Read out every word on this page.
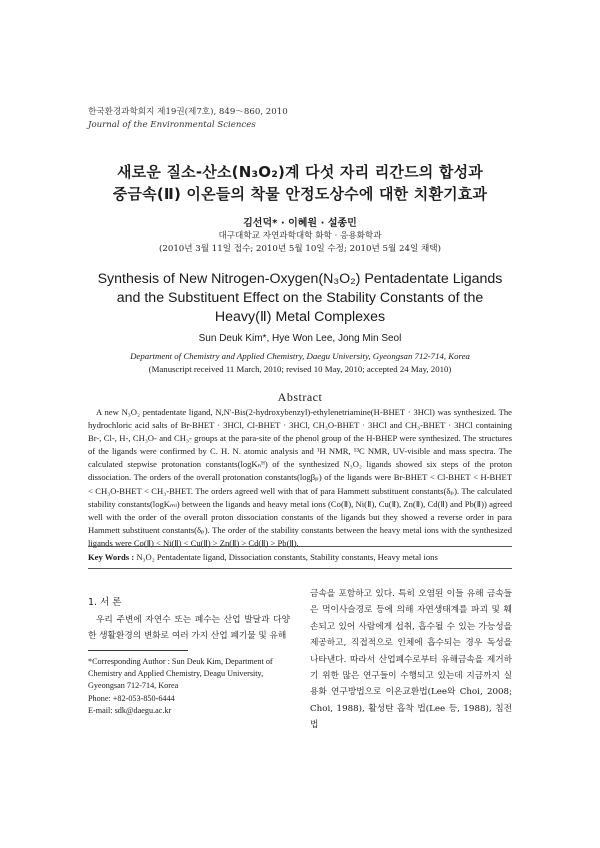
한국환경과학회지 제19권(제7호), 849～860, 2010
Journal of the Environmental Sciences
새로운 질소-산소(N₃O₂)계 다섯 자리 리간드의 합성과
중금속(Ⅱ) 이온들의 착물 안정도상수에 대한 치환기효과
김선덕* · 이혜원 · 설종민
대구대학교 자연과학대학 화학 · 응용화학과
(2010년 3월 11일 접수; 2010년 5월 10일 수정; 2010년 5월 24일 채택)
Synthesis of New Nitrogen-Oxygen(N₃O₂) Pentadentate Ligands
and the Substituent Effect on the Stability Constants of the
Heavy(Ⅱ) Metal Complexes
Sun Deuk Kim*, Hye Won Lee, Jong Min Seol
Department of Chemistry and Applied Chemistry, Daegu University, Gyeongsan 712-714, Korea
(Manuscript received 11 March, 2010; revised 10 May, 2010; accepted 24 May, 2010)
Abstract
A new N₃O₂ pentadentate ligand, N,N'-Bis(2-hydroxybenzyl)-ethylenetriamine(H-BHET · 3HCl) was synthesized. The hydrochloric acid salts of Br-BHET · 3HCl, Cl-BHET · 3HCl, CH₃O-BHET · 3HCl and CH₃-BHET · 3HCl containing Br-, Cl-, H-, CH₃O- and CH₃- groups at the para-site of the phenol group of the H-BHEP were synthesized. The structures of the ligands were confirmed by C. H. N. atomic analysis and ¹H NMR, ¹³C NMR, UV-visible and mass spectra. The calculated stepwise protonation constants(logKₙᴴ) of the synthesized N₃O₂ ligands showed six steps of the proton dissociation. The orders of the overall protonation constants(logβₚ) of the ligands were Br-BHET < Cl-BHET < H-BHET < CH₃O-BHET < CH₃-BHET. The orders agreed well with that of para Hammett substituent constants(δₚ). The calculated stability constants(logKₘₗ) between the ligands and heavy metal ions (Co(Ⅱ), Ni(Ⅱ), Cu(Ⅱ), Zn(Ⅱ), Cd(Ⅱ) and Pb(Ⅱ)) agreed well with the order of the overall proton dissociation constants of the ligands but they showed a reverse order in para Hammett substituent constants(δₚ). The order of the stability constants between the heavy metal ions with the synthesized ligands were Co(Ⅱ) < Ni(Ⅱ) < Cu(Ⅱ) > Zn(Ⅱ) > Cd(Ⅱ) > Pb(Ⅱ).
Key Words : N₃O₂ Pentadentate ligand, Dissociation constants, Stability constants, Heavy metal ions
1. 서 론
우리 주변에 자연수 또는 폐수는 산업 발달과 다양한 생활환경의 변화로 여러 가지 산업 폐기물 및 유해
금속을 포함하고 있다. 특히 오염된 이들 유해 금속들은 먹이사슬경로 등에 의해 자연생태계를 파괴 및 훼손되고 있어 사람에게 섭취, 흡수될 수 있는 가능성을 제공하고, 직접적으로 인체에 흡수되는 경우 독성을 나타낸다. 따라서 산업폐수로부터 유해금속을 제거하기 위한 많은 연구들이 수행되고 있는데 지금까지 실용화 연구방법으로 이온교환법(Lee와 Choi, 2008; Choi, 1988), 활성탄 흡착 법(Lee 등, 1988), 침전법
*Corresponding Author : Sun Deuk Kim, Department of Chemistry and Applied Chemistry, Deagu University, Gyeongsan 712-714, Korea
Phone: +82-053-850-6444
E-mail: sdk@daegu.ac.kr
